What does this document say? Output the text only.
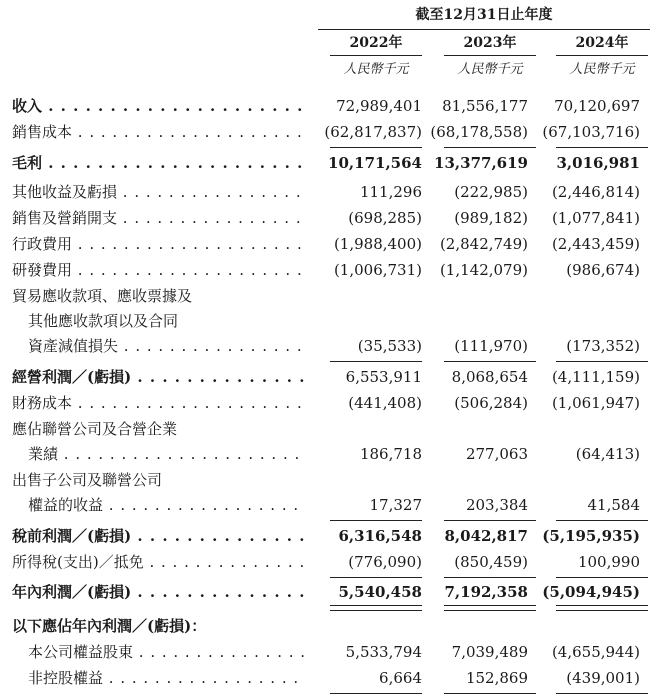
截至12月31日止年度
2022年	2023年	2024年
人民幣千元	人民幣千元	人民幣千元
收入 . . .	72,989,401	81,556,177	70,120,697
銷售成本 . . .	(62,817,837) (68,178,558) (67,103,716)
毛利 . . .	10,171,564 13,377,619	3,016,981
其他收益及虧損 . . .	111,296	(222,985)	(2,446,814)
銷售及營銷開支 . . .	(698,285)	(989,182)	(1,077,841)
行政費用 . . .	(1,988,400)	(2,842,749)	(2,443,459)
研發費用 . . .	(1,006,731)	(1,142,079)	(986,674)
貿易應收款項、應收票據及
其他應收款項以及合同
資產減值損失 . . .	(35,533)	(111,970)	(173,352)
經營利潤／(虧損) . . .	6,553,911	8,068,654	(4,111,159)
財務成本 . . .	(441,408)	(506,284)	(1,061,947)
應佔聯營公司及合營企業
業績 . . .	186,718	277,063	(64,413)
出售子公司及聯營公司
權益的收益 . . .	17,327	203,384	41,584
稅前利潤／(虧損) . . .	6,316,548	8,042,817 (5,195,935)
所得稅(支出)／抵免 . . .	(776,090)	(850,459)	100,990
年內利潤／(虧損) . . .	5,540,458	7,192,358 (5,094,945)
以下應佔年內利潤／(虧損)：
本公司權益股東 . . .	5,533,794	7,039,489	(4,655,944)
非控股權益 . . .	6,664	152,869	(439,001)
